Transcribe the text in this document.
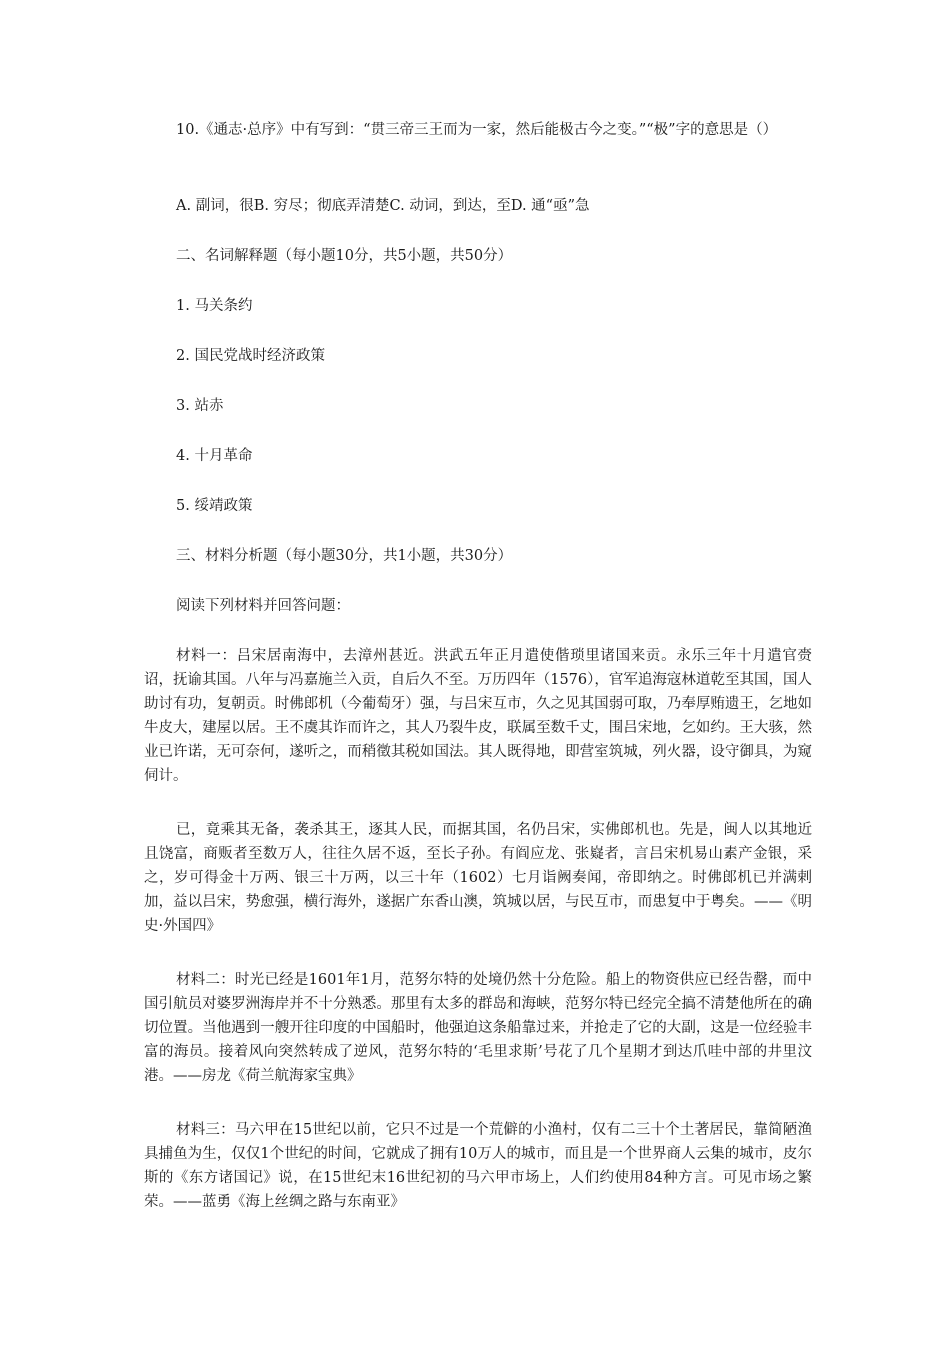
10.《通志·总序》中有写到：“贯三帝三王而为一家，然后能极古今之变。”“极”字的意思是（）

A. 副词，很B. 穷尽；彻底弄清楚C. 动词，到达，至D. 通“亟”急
二、名词解释题（每小题10分，共5小题，共50分）
1. 马关条约
2. 国民党战时经济政策
3. 站赤
4. 十月革命
5. 绥靖政策
三、材料分析题（每小题30分，共1小题，共30分）
阅读下列材料并回答问题：

材料一：吕宋居南海中，去漳州甚近。洪武五年正月遣使偕琐里诸国来贡。永乐三年十月遣官赍诏，抚谕其国。八年与冯嘉施兰入贡，自后久不至。万历四年（1576），官军追海寇林道乾至其国，国人助讨有功，复朝贡。时佛郎机（今葡萄牙）强，与吕宋互市，久之见其国弱可取，乃奉厚贿遗王，乞地如牛皮大，建屋以居。王不虞其诈而许之，其人乃裂牛皮，联属至数千丈，围吕宋地，乞如约。王大骇，然业已许诺，无可奈何，遂听之，而稍徵其税如国法。其人既得地，即营室筑城，列火器，设守御具，为窥伺计。

已，竟乘其无备，袭杀其王，逐其人民，而据其国，名仍吕宋，实佛郎机也。先是，闽人以其地近且饶富，商贩者至数万人，往往久居不返，至长子孙。有阎应龙、张嶷者，言吕宋机易山素产金银，采之，岁可得金十万两、银三十万两，以三十年（1602）七月诣阙奏闻，帝即纳之。时佛郎机已并满剌加，益以吕宋，势愈强，横行海外，遂据广东香山澳，筑城以居，与民互市，而患复中于粤矣。——《明史·外国四》

材料二：时光已经是1601年1月，范努尔特的处境仍然十分危险。船上的物资供应已经告罄，而中国引航员对婆罗洲海岸并不十分熟悉。那里有太多的群岛和海峡，范努尔特已经完全搞不清楚他所在的确切位置。当他遇到一艘开往印度的中国船时，他强迫这条船靠过来，并抢走了它的大副，这是一位经验丰富的海员。接着风向突然转成了逆风，范努尔特的‘毛里求斯’号花了几个星期才到达爪哇中部的井里汶港。——房龙《荷兰航海家宝典》

材料三：马六甲在15世纪以前，它只不过是一个荒僻的小渔村，仅有二三十个土著居民，靠简陋渔具捕鱼为生，仅仅1个世纪的时间，它就成了拥有10万人的城市，而且是一个世界商人云集的城市，皮尔斯的《东方诸国记》说，在15世纪末16世纪初的马六甲市场上，人们约使用84种方言。可见市场之繁荣。——蓝勇《海上丝绸之路与东南亚》
